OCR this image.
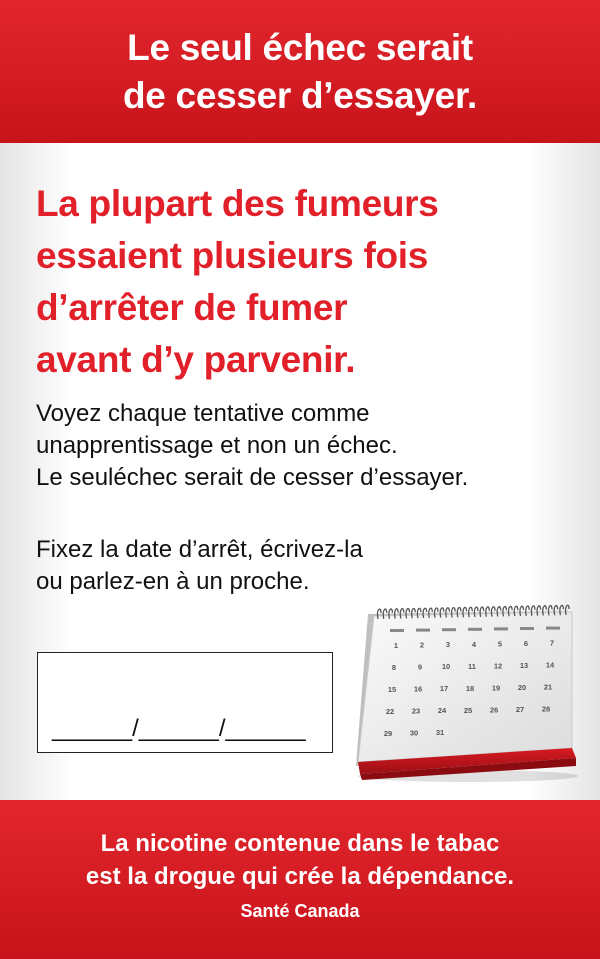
Le seul échec serait
de cesser d’essayer.
La plupart des fumeurs
essaient plusieurs fois
d’arrêter de fumer
avant d’y parvenir.
Voyez chaque tentative comme
unapprentissage et non un échec.
Le seuléchec serait de cesser d’essayer.
Fixez la date d’arrêt, écrivez-la
ou parlez-en à un proche.
______/______/______
1	2	3	4	5	6	7
8	9	10 11 12 13 14
15 16 17 18 19 20 21
22 23 24 25 26 27 28
29 30 31
La nicotine contenue dans le tabac
est la drogue qui crée la dépendance.
Santé Canada
